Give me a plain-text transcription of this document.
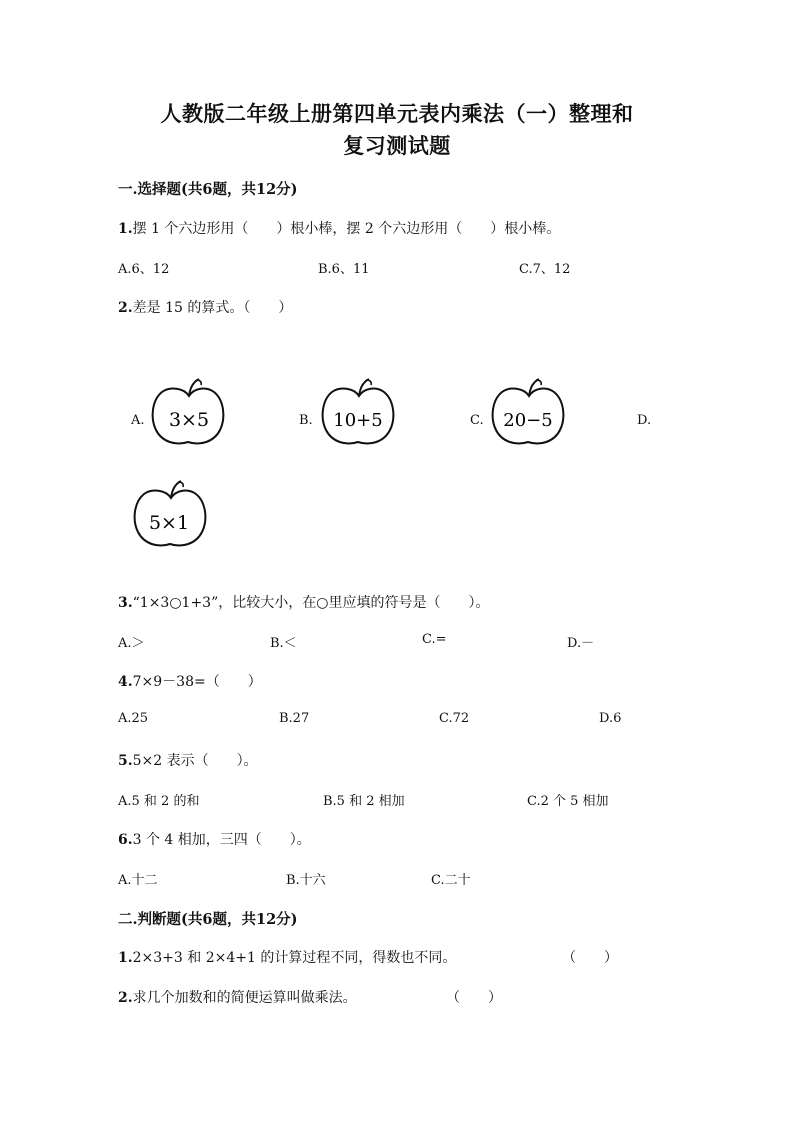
人教版二年级上册第四单元表内乘法（一）整理和
复习测试题
一.选择题(共6题，共12分)
1.摆 1 个六边形用（　　）根小棒，摆 2 个六边形用（　　）根小棒。
A.6、12	B.6、11	C.7、12
2.差是 15 的算式。（　　）
A. 3×5	B. 10+5	C. 20−5	D.
5×1
3.“1×3○1+3”，比较大小，在○里应填的符号是（　　）。
A.＞	B.＜	C.=	D.－
4.7×9－38=（　　）
A.25	B.27	C.72	D.6
5.5×2 表示（　　）。
A.5 和 2 的和	B.5 和 2 相加	C.2 个 5 相加
6.3 个 4 相加，三四（　　）。
A.十二	B.十六	C.二十
二.判断题(共6题，共12分)
1.2×3+3 和 2×4+1 的计算过程不同，得数也不同。	（　　）
2.求几个加数和的简便运算叫做乘法。	（　　）
